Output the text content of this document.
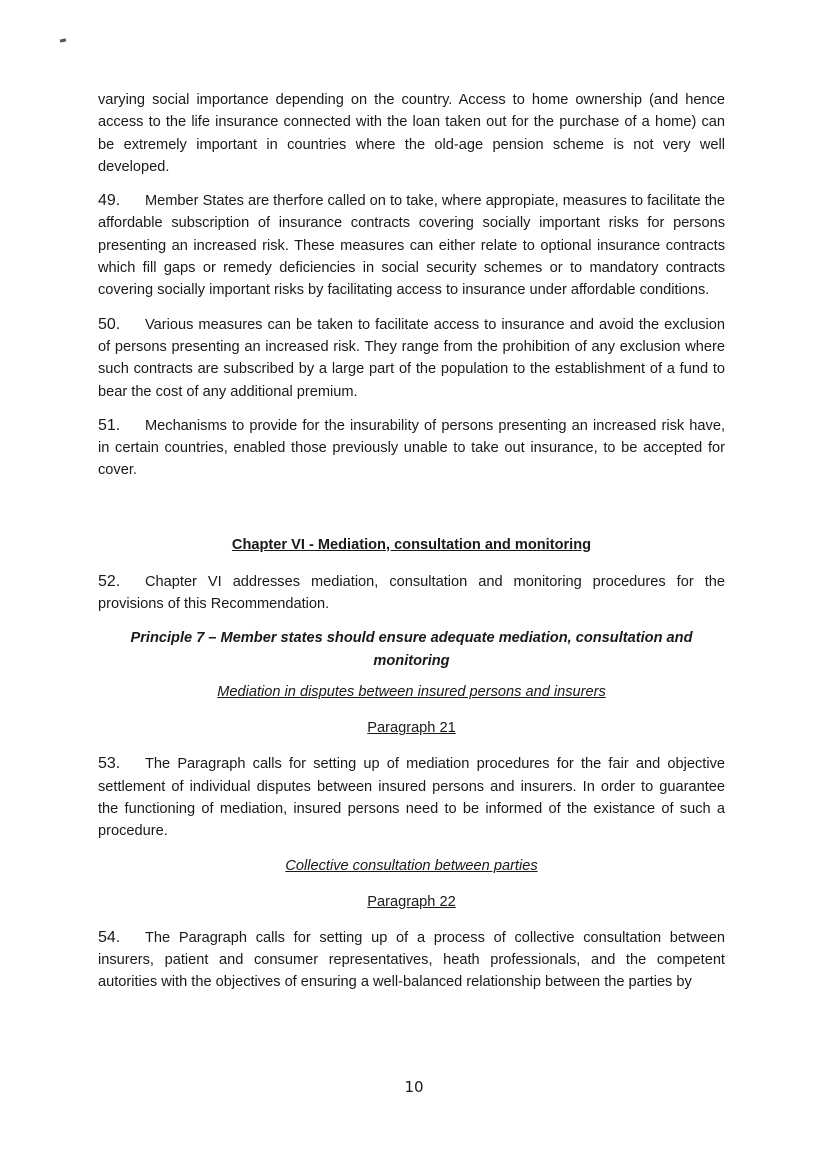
varying social importance depending on the country. Access to home ownership (and hence access to the life insurance connected with the loan taken out for the purchase of a home) can be extremely important in countries where the old-age pension scheme is not very well developed.

49. Member States are therfore called on to take, where appropiate, measures to facilitate the affordable subscription of insurance contracts covering socially important risks for persons presenting an increased risk. These measures can either relate to optional insurance contracts which fill gaps or remedy deficiencies in social security schemes or to mandatory contracts covering socially important risks by facilitating access to insurance under affordable conditions.

50. Various measures can be taken to facilitate access to insurance and avoid the exclusion of persons presenting an increased risk. They range from the prohibition of any exclusion where such contracts are subscribed by a large part of the population to the establishment of a fund to bear the cost of any additional premium.

51. Mechanisms to provide for the insurability of persons presenting an increased risk have, in certain countries, enabled those previously unable to take out insurance, to be accepted for cover.

Chapter VI - Mediation, consultation and monitoring

52. Chapter VI addresses mediation, consultation and monitoring procedures for the provisions of this Recommendation.

Principle 7 – Member states should ensure adequate mediation, consultation and monitoring
Mediation in disputes between insured persons and insurers
Paragraph 21

53. The Paragraph calls for setting up of mediation procedures for the fair and objective settlement of individual disputes between insured persons and insurers. In order to guarantee the functioning of mediation, insured persons need to be informed of the existance of such a procedure.

Collective consultation between parties
Paragraph 22

54. The Paragraph calls for setting up of a process of collective consultation between insurers, patient and consumer representatives, heath professionals, and the competent autorities with the objectives of ensuring a well-balanced relationship between the parties by

10
